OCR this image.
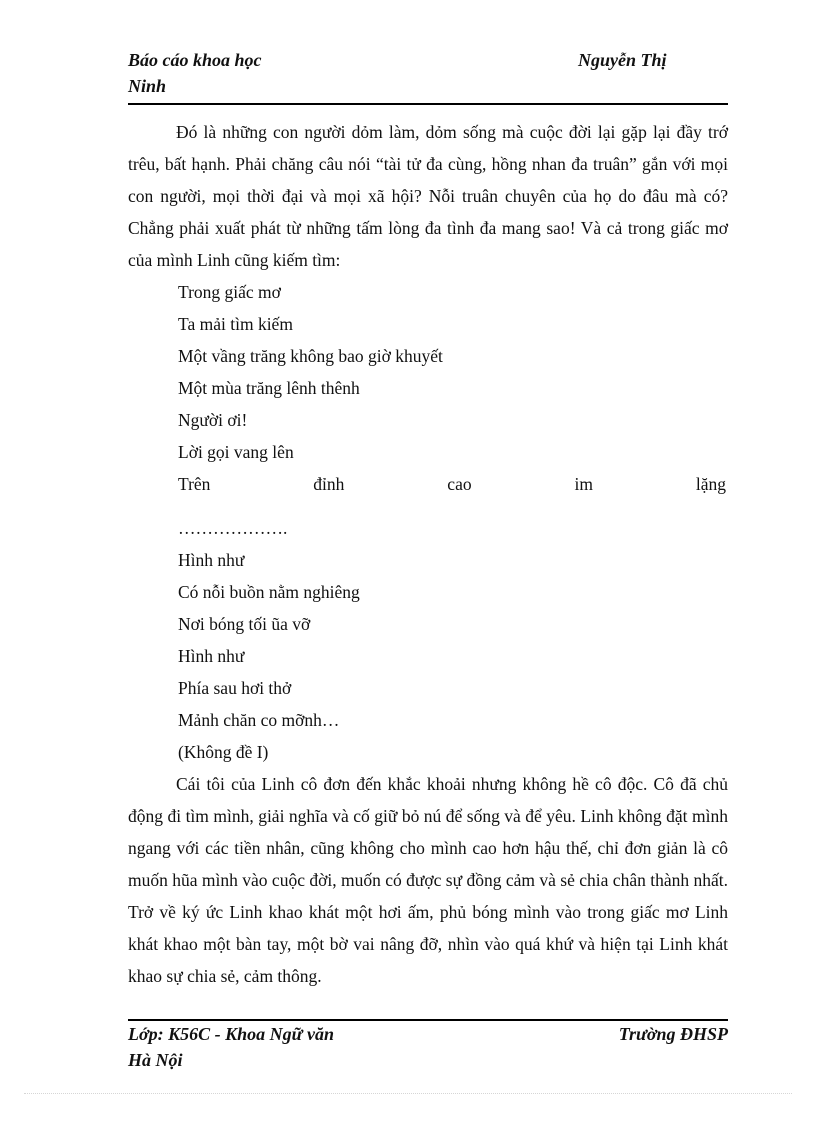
Báo cáo khoa học	Nguyễn Thị
Ninh

Đó là những con người dỏm làm, dỏm sống mà cuộc đời lại gặp lại đầy trớ trêu, bất hạnh. Phải chăng câu nói “tài tử đa cùng, hồng nhan đa truân” gắn với mọi con người, mọi thời đại và mọi xã hội? Nỗi truân chuyên của họ do đâu mà có? Chẳng phải xuất phát từ những tấm lòng đa tình đa mang sao! Và cả trong giấc mơ của mình Linh cũng kiếm tìm:

Trong giấc mơ
Ta mải tìm kiếm
Một vầng trăng không bao giờ khuyết
Một mùa trăng lênh thênh
Người ơi!
Lời gọi vang lên
Trên	đỉnh	cao	im	lặng
……………….
Hình như
Có nỗi buồn nằm nghiêng
Nơi bóng tối ũa vỡ
Hình như
Phía sau hơi thở
Mảnh chăn co mỡnh…
(Không đề I)

Cái tôi của Linh cô đơn đến khắc khoải nhưng không hề cô độc. Cô đã chủ động đi tìm mình, giải nghĩa và cố giữ bỏ nú để sống và để yêu. Linh không đặt mình ngang với các tiền nhân, cũng không cho mình cao hơn hậu thế, chỉ đơn giản là cô muốn hũa mình vào cuộc đời, muốn có được sự đồng cảm và sẻ chia chân thành nhất. Trở về ký ức Linh khao khát một hơi ấm, phủ bóng mình vào trong giấc mơ Linh khát khao một bàn tay, một bờ vai nâng đỡ, nhìn vào quá khứ và hiện tại Linh khát khao sự chia sẻ, cảm thông.

Lớp: K56C - Khoa Ngữ văn	Trường ĐHSP
Hà Nội
